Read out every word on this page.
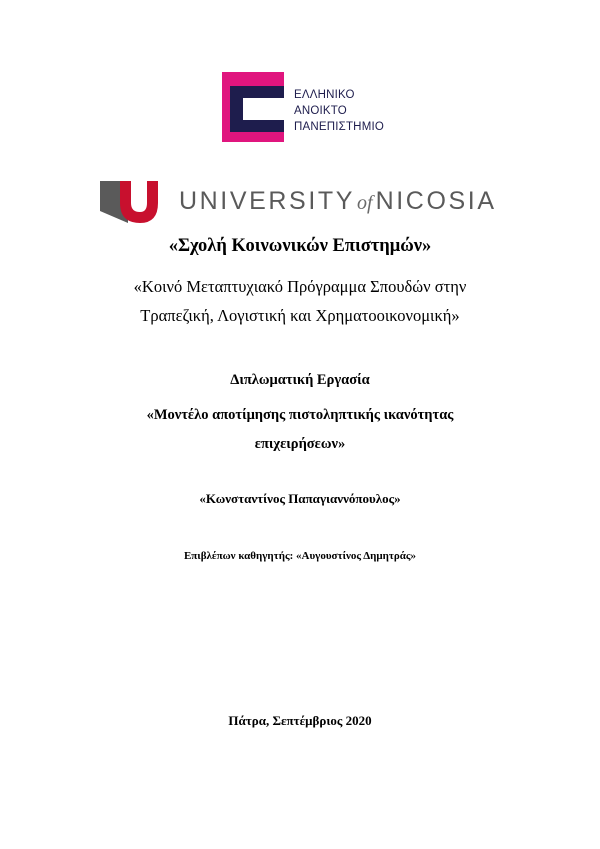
ΕΛΛΗΝΙΚΟ
ΑΝΟΙΚΤΟ
ΠΑΝΕΠΙΣΤΗΜΙΟ
UNIVERSITY of NICOSIA
«Σχολή Κοινωνικών Επιστημών»
«Κοινό Μεταπτυχιακό Πρόγραμμα Σπουδών στην
Τραπεζική, Λογιστική και Χρηματοοικονομική»
Διπλωματική Εργασία
«Μοντέλο αποτίμησης πιστοληπτικής ικανότητας
επιχειρήσεων»
«Κωνσταντίνος Παπαγιαννόπουλος»
Επιβλέπων καθηγητής: «Αυγουστίνος Δημητράς»
Πάτρα, Σεπτέμβριος 2020
